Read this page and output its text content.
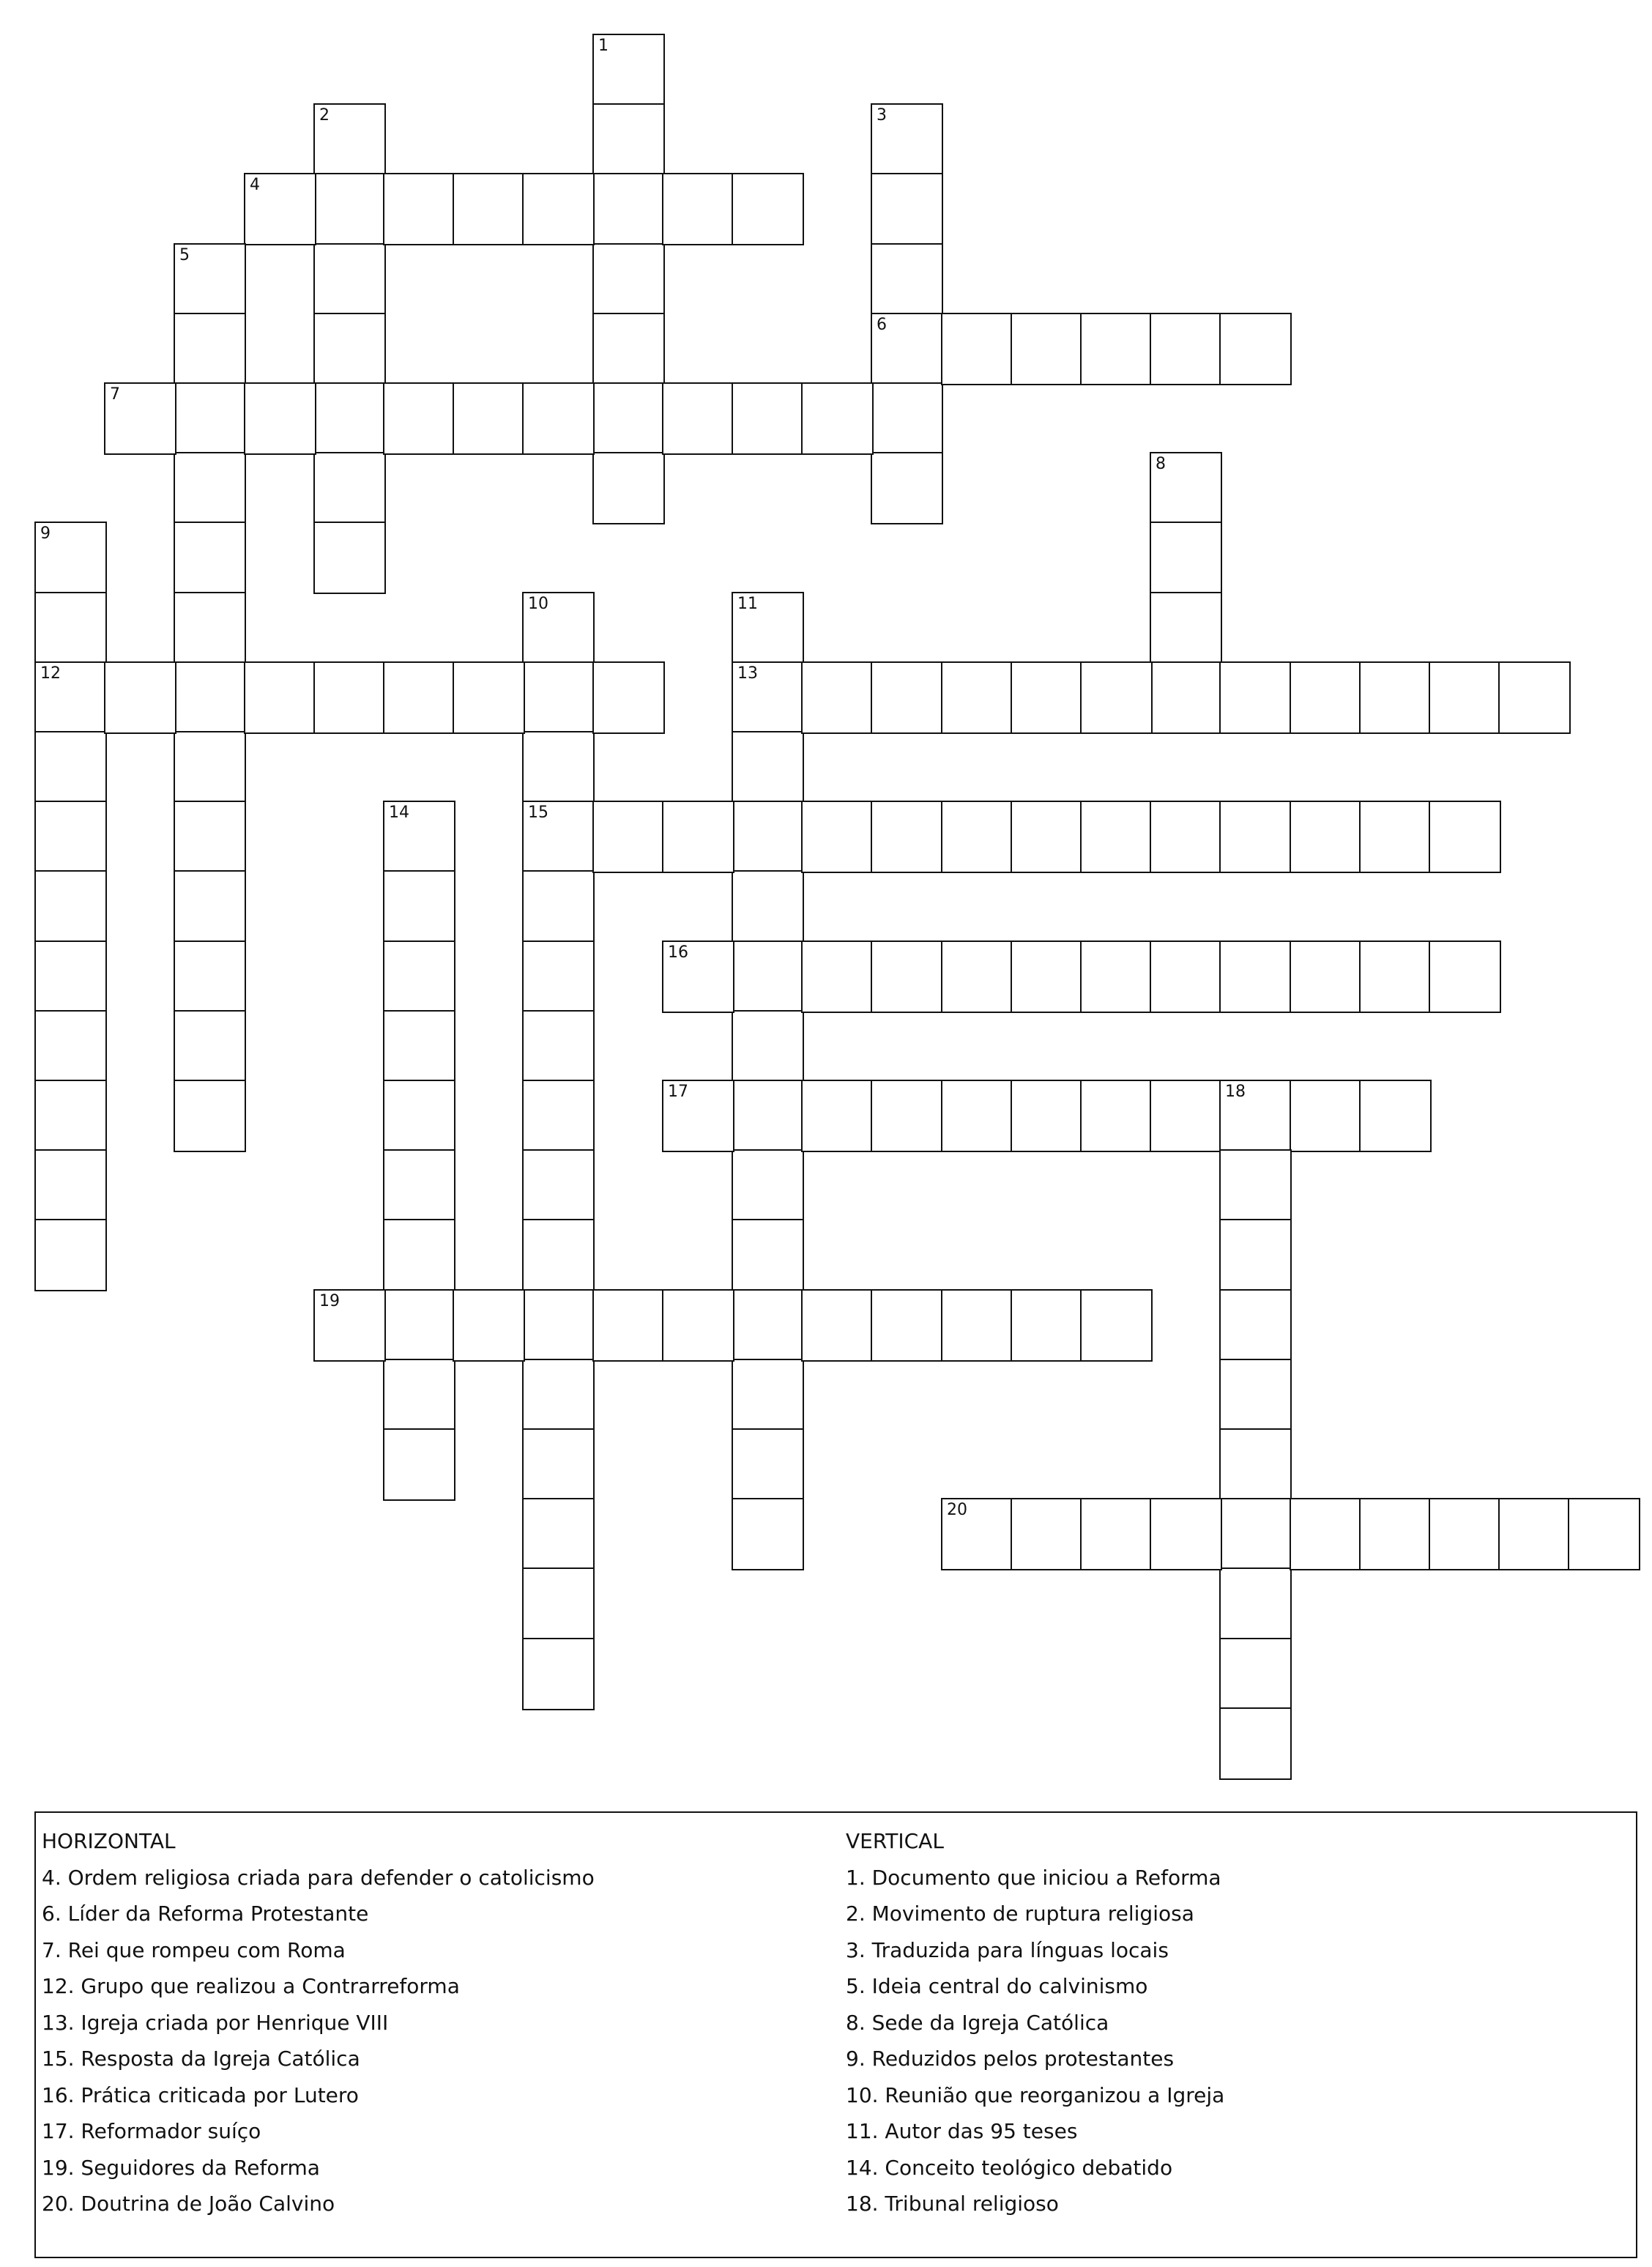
1
2	3
6
4
5
7
8
9
12
10
15
11
13
14
16
17	18
19
20
HORIZONTAL
4. Ordem religiosa criada para defender o catolicismo
6. Líder da Reforma Protestante
7. Rei que rompeu com Roma
12. Grupo que realizou a Contrarreforma
13. Igreja criada por Henrique VIII
15. Resposta da Igreja Católica
16. Prática criticada por Lutero
17. Reformador suíço
19. Seguidores da Reforma
20. Doutrina de João Calvino
VERTICAL
1. Documento que iniciou a Reforma
2. Movimento de ruptura religiosa
3. Traduzida para línguas locais
5. Ideia central do calvinismo
8. Sede da Igreja Católica
9. Reduzidos pelos protestantes
10. Reunião que reorganizou a Igreja
11. Autor das 95 teses
14. Conceito teológico debatido
18. Tribunal religioso
